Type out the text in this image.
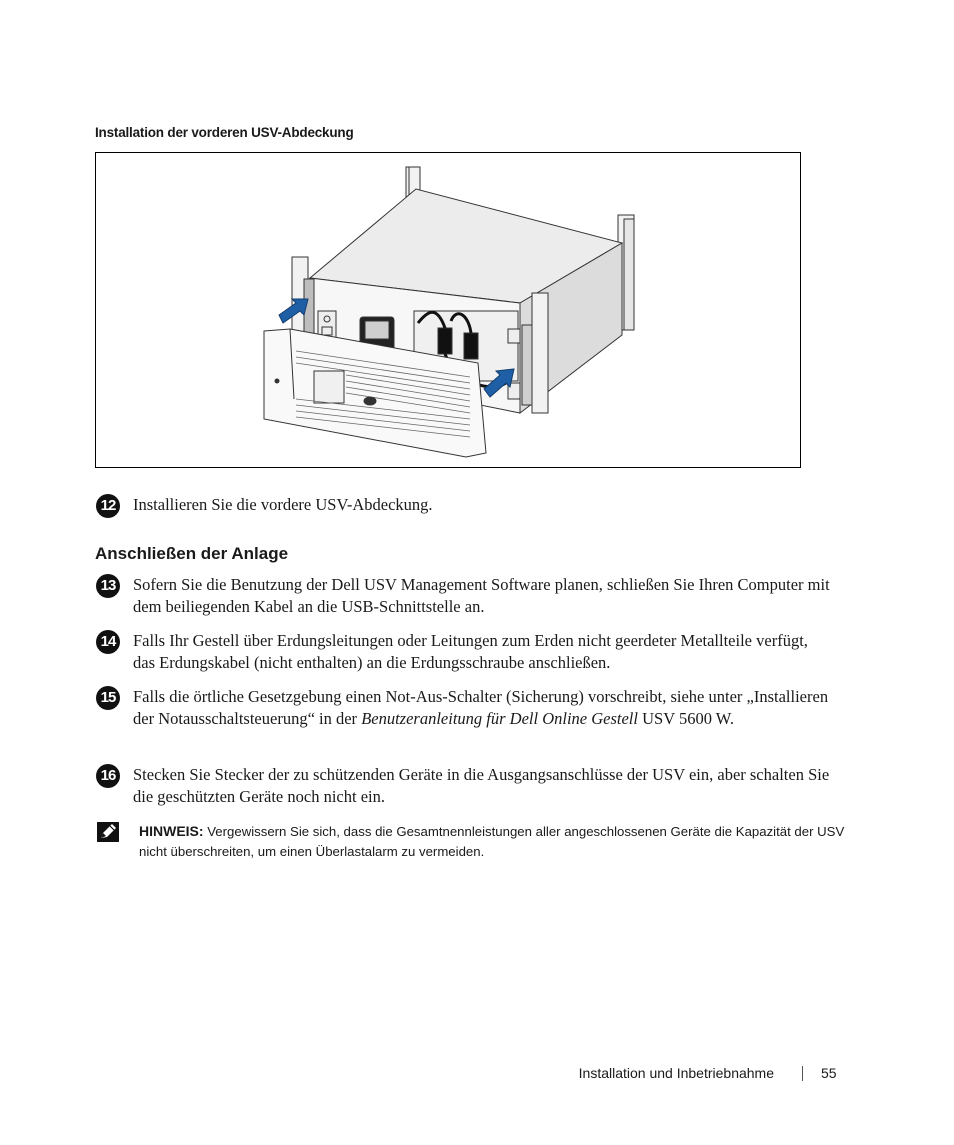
Installation der vorderen USV-Abdeckung
12 Installieren Sie die vordere USV-Abdeckung.
Anschließen der Anlage
13 Sofern Sie die Benutzung der Dell USV Management Software planen, schließen Sie Ihren Computer mit dem beiliegenden Kabel an die USB-Schnittstelle an.
14 Falls Ihr Gestell über Erdungsleitungen oder Leitungen zum Erden nicht geerdeter Metallteile verfügt, das Erdungskabel (nicht enthalten) an die Erdungsschraube anschließen.
15 Falls die örtliche Gesetzgebung einen Not-Aus-Schalter (Sicherung) vorschreibt, siehe unter „Installieren der Notausschaltsteuerung“ in der Benutzeranleitung für Dell Online Gestell USV 5600 W.
16 Stecken Sie Stecker der zu schützenden Geräte in die Ausgangsanschlüsse der USV ein, aber schalten Sie die geschützten Geräte noch nicht ein.
HINWEIS: Vergewissern Sie sich, dass die Gesamtnennleistungen aller angeschlossenen Geräte die Kapazität der USV nicht überschreiten, um einen Überlastalarm zu vermeiden.
Installation und Inbetriebnahme	55
